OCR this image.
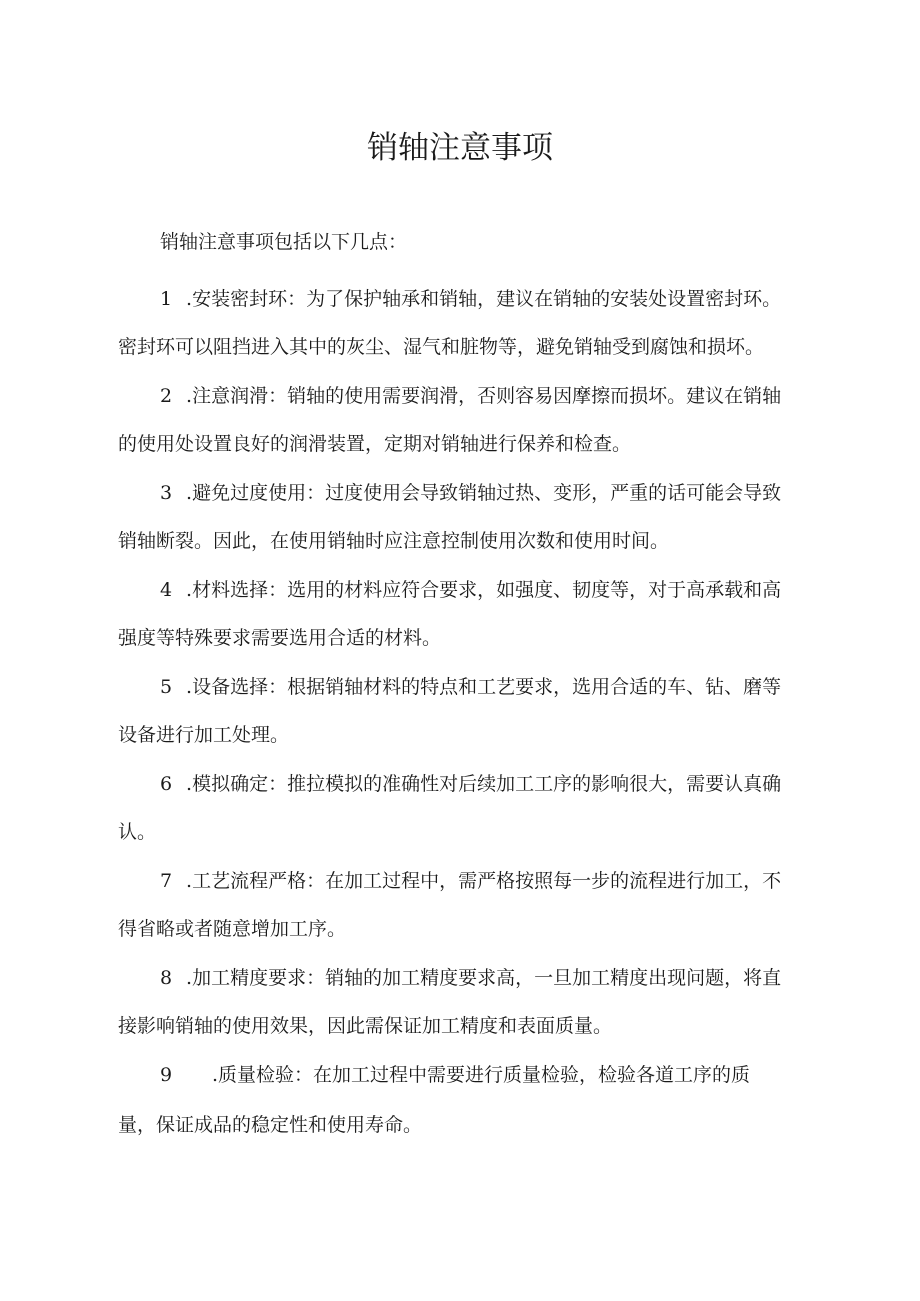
销轴注意事项

销轴注意事项包括以下几点：

1 .安装密封环：为了保护轴承和销轴，建议在销轴的安装处设置密封环。
密封环可以阻挡进入其中的灰尘、湿气和脏物等，避免销轴受到腐蚀和损坏。
2 .注意润滑：销轴的使用需要润滑，否则容易因摩擦而损坏。建议在销轴
的使用处设置良好的润滑装置，定期对销轴进行保养和检查。
3 .避免过度使用：过度使用会导致销轴过热、变形，严重的话可能会导致
销轴断裂。因此，在使用销轴时应注意控制使用次数和使用时间。
4 .材料选择：选用的材料应符合要求，如强度、韧度等，对于高承载和高
强度等特殊要求需要选用合适的材料。
5 .设备选择：根据销轴材料的特点和工艺要求，选用合适的车、钻、磨等
设备进行加工处理。
6 .模拟确定：推拉模拟的准确性对后续加工工序的影响很大，需要认真确
认。
7 .工艺流程严格：在加工过程中，需严格按照每一步的流程进行加工，不
得省略或者随意增加工序。
8 .加工精度要求：销轴的加工精度要求高，一旦加工精度出现问题，将直
接影响销轴的使用效果，因此需保证加工精度和表面质量。
9 .质量检验：在加工过程中需要进行质量检验，检验各道工序的质
量，保证成品的稳定性和使用寿命。
